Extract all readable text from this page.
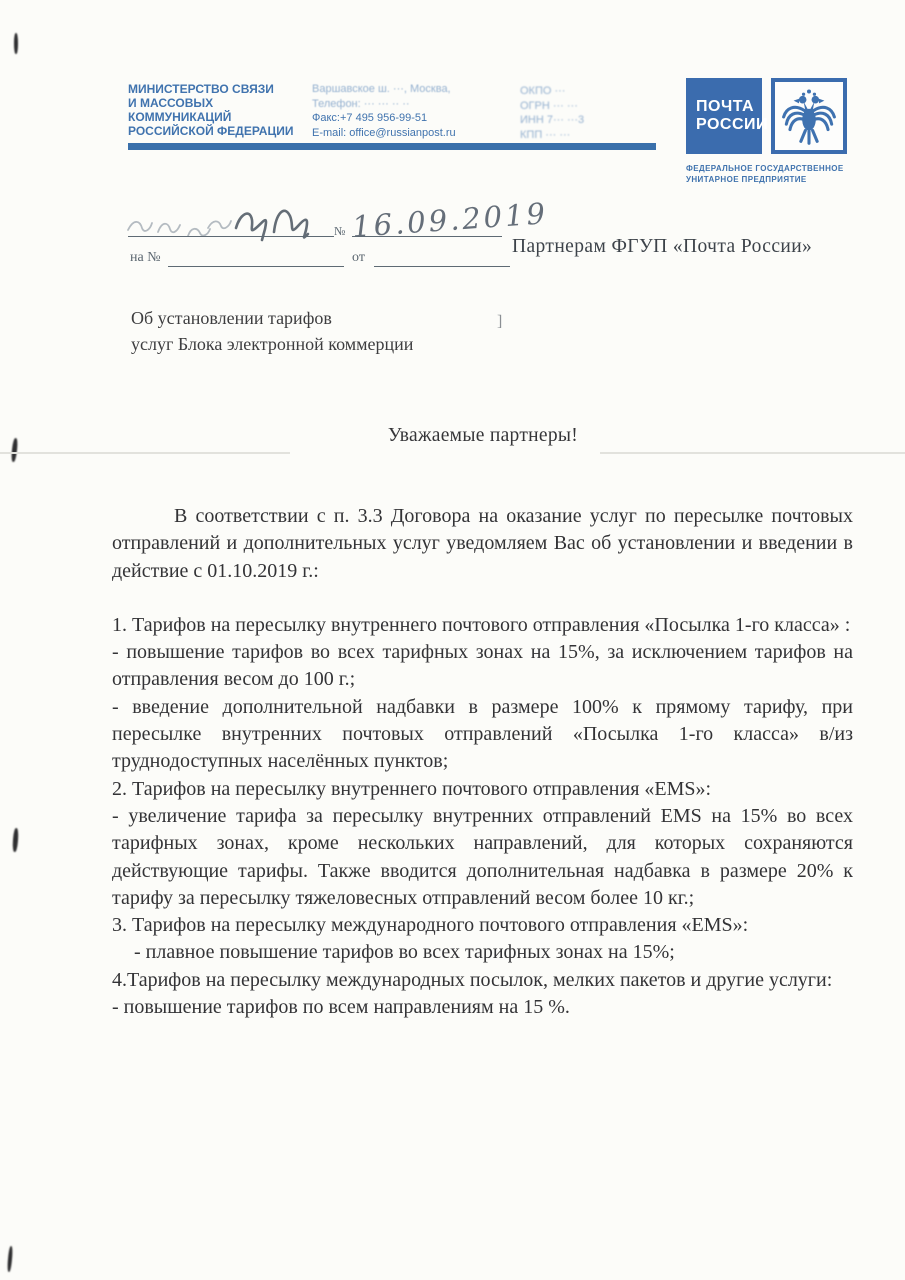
МИНИСТЕРСТВО СВЯЗИ
И МАССОВЫХ КОММУНИКАЦИЙ
РОССИЙСКОЙ ФЕДЕРАЦИИ
Варшавское ш. ···, Москва,
Телефон: ··· ··· ·· ··
Факс:+7 495 956-99-51
E-mail: office@russianpost.ru
ОКПО ···
ОГРН ··· ···
ИНН 7··· ···3
КПП ··· ···
ПОЧТА
РОССИИ
ФЕДЕРАЛЬНОЕ ГОСУДАРСТВЕННОЕ
УНИТАРНОЕ ПРЕДПРИЯТИЕ
16.09.2019
№
на №	от
Партнерам ФГУП «Почта России»
Об установлении тарифов
услуг Блока электронной коммерции
]
Уважаемые партнеры!

В соответствии с п. 3.3 Договора на оказание услуг по пересылке почтовых отправлений и дополнительных услуг уведомляем Вас об установлении и введении в действие с 01.10.2019 г.:

1. Тарифов на пересылку внутреннего почтового отправления «Посылка 1-го класса» :

- повышение тарифов во всех тарифных зонах на 15%, за исключением тарифов на отправления весом до 100 г.;

- введение дополнительной надбавки в размере 100% к прямому тарифу, при пересылке внутренних почтовых отправлений «Посылка 1-го класса» в/из труднодоступных населённых пунктов;

2. Тарифов на пересылку внутреннего почтового отправления «EMS»:

- увеличение тарифа за пересылку внутренних отправлений EMS на 15% во всех тарифных зонах, кроме нескольких направлений, для которых сохраняются действующие тарифы. Также вводится дополнительная надбавка в размере 20% к тарифу за пересылку тяжеловесных отправлений весом более 10 кг.;

3. Тарифов на пересылку международного почтового отправления «EMS»:

- плавное повышение тарифов во всех тарифных зонах на 15%;

4.Тарифов на пересылку международных посылок, мелких пакетов и другие услуги:

- повышение тарифов по всем направлениям на 15 %.
